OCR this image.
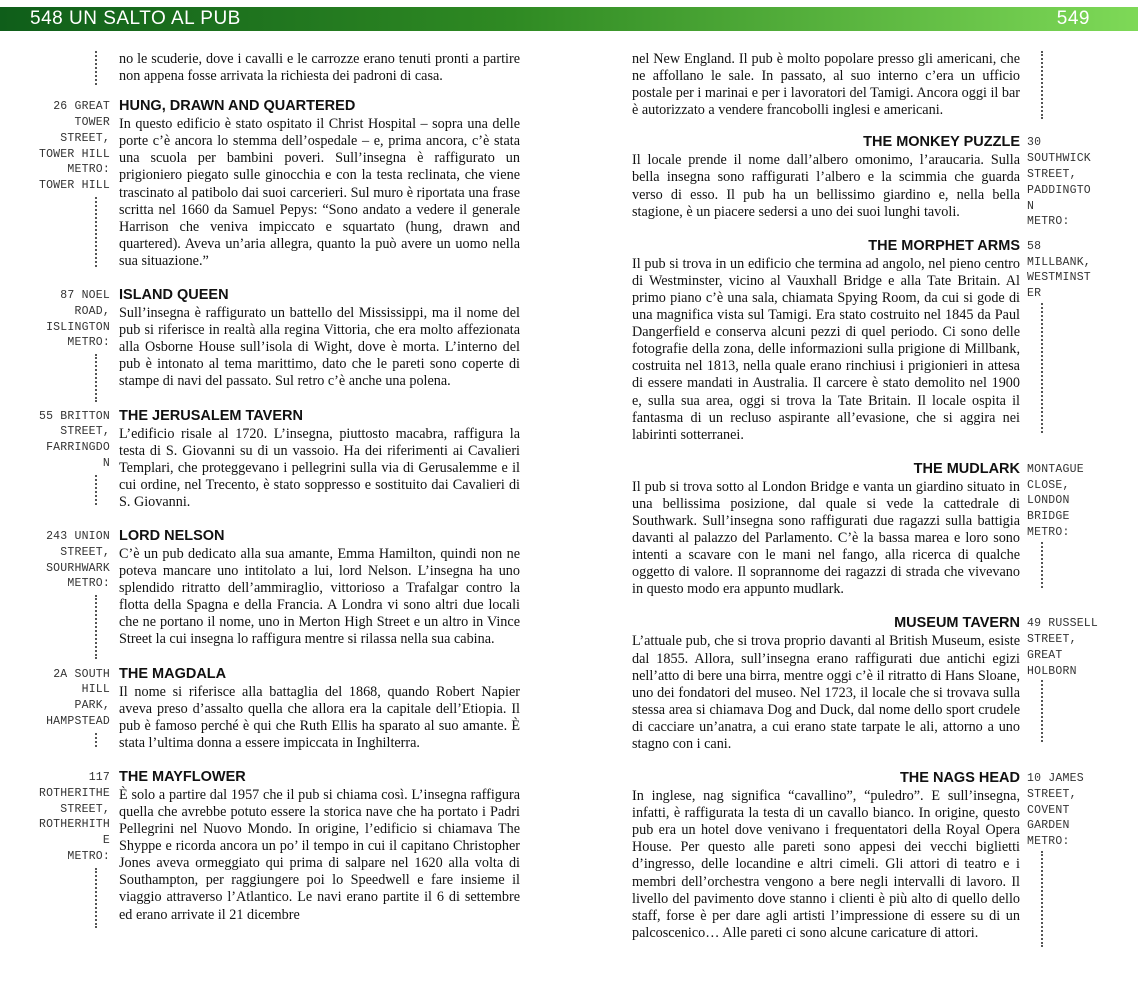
548 UN SALTO AL PUB	549

no le scuderie, dove i cavalli e le carrozze erano tenuti pronti a partire non appena fosse arrivata la richiesta dei padroni di casa.

26 GREAT
TOWER
STREET,
TOWER HILL
METRO:
TOWER HILL
HUNG, DRAWN AND QUARTERED

In questo edificio è stato ospitato il Christ Hospital – sopra una delle porte c’è ancora lo stemma dell’ospedale – e, prima ancora, c’è stata una scuola per bambini poveri. Sull’insegna è raffigurato un prigioniero piegato sulle ginocchia e con la testa reclinata, che viene trascinato al patibolo dai suoi carcerieri. Sul muro è riportata una frase scritta nel 1660 da Samuel Pepys: “Sono andato a vedere il generale Harrison che veniva impiccato e squartato (hung, drawn and quartered). Aveva un’aria allegra, quanto la può avere un uomo nella sua situazione.”

87 NOEL
ROAD,
ISLINGTON
METRO:
ISLAND QUEEN

Sull’insegna è raffigurato un battello del Mississippi, ma il nome del pub si riferisce in realtà alla regina Vittoria, che era molto affezionata alla Osborne House sull’isola di Wight, dove è morta. L’interno del pub è intonato al tema marittimo, dato che le pareti sono coperte di stampe di navi del passato. Sul retro c’è anche una polena.

55 BRITTON
STREET,
FARRINGDO
N
THE JERUSALEM TAVERN

L’edificio risale al 1720. L’insegna, piuttosto macabra, raffigura la testa di S. Giovanni su di un vassoio. Ha dei riferimenti ai Cavalieri Templari, che proteggevano i pellegrini sulla via di Gerusalemme e il cui ordine, nel Trecento, è stato soppresso e sostituito dai Cavalieri di S. Giovanni.

243 UNION
STREET,
SOURHWARK
METRO:
LORD NELSON

C’è un pub dedicato alla sua amante, Emma Hamilton, quindi non ne poteva mancare uno intitolato a lui, lord Nelson. L’insegna ha uno splendido ritratto dell’ammiraglio, vittorioso a Trafalgar contro la flotta della Spagna e della Francia. A Londra vi sono altri due locali che ne portano il nome, uno in Merton High Street e un altro in Vince Street la cui insegna lo raffigura mentre si rilassa nella sua cabina.

2A SOUTH
HILL
PARK,
HAMPSTEAD
THE MAGDALA

Il nome si riferisce alla battaglia del 1868, quando Robert Napier aveva preso d’assalto quella che allora era la capitale dell’Etiopia. Il pub è famoso perché è qui che Ruth Ellis ha sparato al suo amante. È stata l’ultima donna a essere impiccata in Inghilterra.

117
ROTHERITHE
STREET,
ROTHERHITH
E
METRO:
THE MAYFLOWER

È solo a partire dal 1957 che il pub si chiama così. L’insegna raffigura quella che avrebbe potuto essere la storica nave che ha portato i Padri Pellegrini nel Nuovo Mondo. In origine, l’edificio si chiamava The Shyppe e ricorda ancora un po’ il tempo in cui il capitano Christopher Jones aveva ormeggiato qui prima di salpare nel 1620 alla volta di Southampton, per raggiungere poi lo Speedwell e fare insieme il viaggio attraverso l’Atlantico. Le navi erano partite il 6 di settembre ed erano arrivate il 21 dicembre

nel New England. Il pub è molto popolare presso gli americani, che ne affollano le sale. In passato, al suo interno c’era un ufficio postale per i marinai e per i lavoratori del Tamigi. Ancora oggi il bar è autorizzato a vendere francobolli inglesi e americani.

30
SOUTHWICK
STREET,
PADDINGTO
N
METRO:
THE MONKEY PUZZLE

Il locale prende il nome dall’albero omonimo, l’araucaria. Sulla bella insegna sono raffigurati l’albero e la scimmia che guarda verso di esso. Il pub ha un bellissimo giardino e, nella bella stagione, è un piacere sedersi a uno dei suoi lunghi tavoli.

58
MILLBANK,
WESTMINST
ER
THE MORPHET ARMS

Il pub si trova in un edificio che termina ad angolo, nel pieno centro di Westminster, vicino al Vauxhall Bridge e alla Tate Britain. Al primo piano c’è una sala, chiamata Spying Room, da cui si gode di una magnifica vista sul Tamigi. Era stato costruito nel 1845 da Paul Dangerfield e conserva alcuni pezzi di quel periodo. Ci sono delle fotografie della zona, delle informazioni sulla prigione di Millbank, costruita nel 1813, nella quale erano rinchiusi i prigionieri in attesa di essere mandati in Australia. Il carcere è stato demolito nel 1900 e, sulla sua area, oggi si trova la Tate Britain. Il locale ospita il fantasma di un recluso aspirante all’evasione, che si aggira nei labirinti sotterranei.

MONTAGUE
CLOSE,
LONDON
BRIDGE
METRO:
THE MUDLARK

Il pub si trova sotto al London Bridge e vanta un giardino situato in una bellissima posizione, dal quale si vede la cattedrale di Southwark. Sull’insegna sono raffigurati due ragazzi sulla battigia davanti al palazzo del Parlamento. C’è la bassa marea e loro sono intenti a scavare con le mani nel fango, alla ricerca di qualche oggetto di valore. Il soprannome dei ragazzi di strada che vivevano in questo modo era appunto mudlark.

49 RUSSELL
STREET,
GREAT
HOLBORN
MUSEUM TAVERN

L’attuale pub, che si trova proprio davanti al British Museum, esiste dal 1855. Allora, sull’insegna erano raffigurati due antichi egizi nell’atto di bere una birra, mentre oggi c’è il ritratto di Hans Sloane, uno dei fondatori del museo. Nel 1723, il locale che si trovava sulla stessa area si chiamava Dog and Duck, dal nome dello sport crudele di cacciare un’anatra, a cui erano state tarpate le ali, attorno a uno stagno con i cani.

10 JAMES
STREET,
COVENT
GARDEN
METRO:
THE NAGS HEAD

In inglese, nag significa “cavallino”, “puledro”. E sull’insegna, infatti, è raffigurata la testa di un cavallo bianco. In origine, questo pub era un hotel dove venivano i frequentatori della Royal Opera House. Per questo alle pareti sono appesi dei vecchi biglietti d’ingresso, delle locandine e altri cimeli. Gli attori di teatro e i membri dell’orchestra vengono a bere negli intervalli di lavoro. Il livello del pavimento dove stanno i clienti è più alto di quello dello staff, forse è per dare agli artisti l’impressione di essere su di un palcoscenico… Alle pareti ci sono alcune caricature di attori.
